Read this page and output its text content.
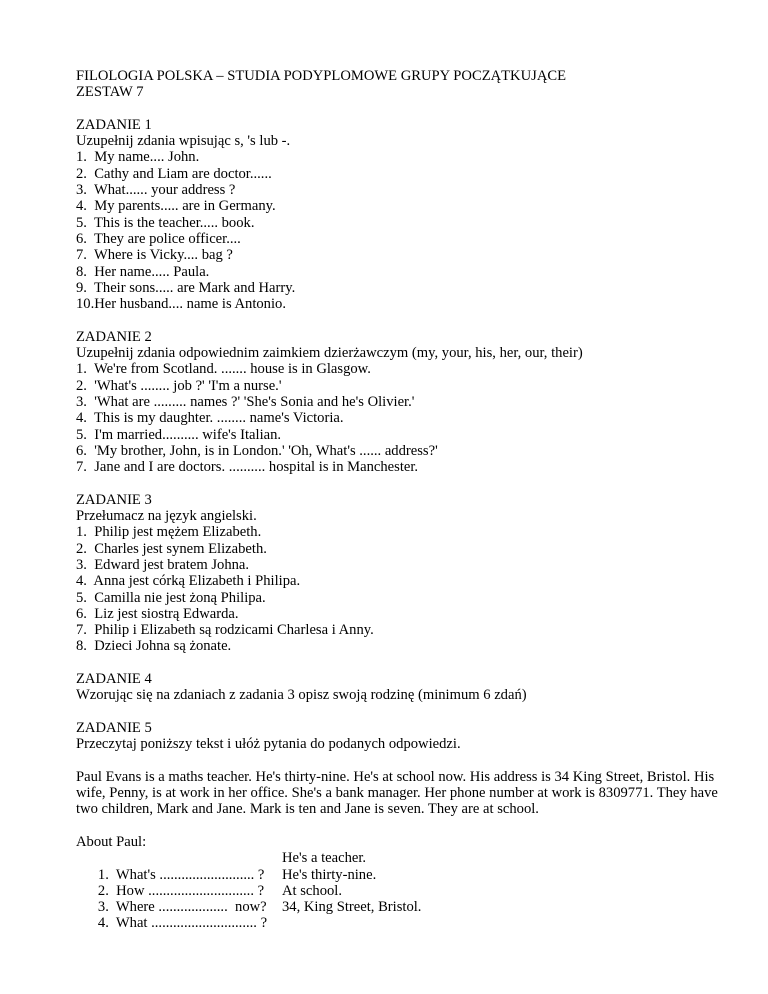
FILOLOGIA POLSKA – STUDIA PODYPLOMOWE GRUPY POCZĄTKUJĄCE
ZESTAW 7
ZADANIE 1
Uzupełnij zdania wpisując s, 's lub -.
1.  My name.... John.
2.  Cathy and Liam are doctor......
3.  What...... your address ?
4.  My parents..... are in Germany.
5.  This is the teacher..... book.
6.  They are police officer....
7.  Where is Vicky.... bag ?
8.  Her name..... Paula.
9.  Their sons..... are Mark and Harry.
10.Her husband.... name is Antonio.
ZADANIE 2
Uzupełnij zdania odpowiednim zaimkiem dzierżawczym (my, your, his, her, our, their)
1.  We're from Scotland. ....... house is in Glasgow.
2.  'What's ........ job ?' 'I'm a nurse.'
3.  'What are ......... names ?' 'She's Sonia and he's Olivier.'
4.  This is my daughter. ........ name's Victoria.
5.  I'm married.......... wife's Italian.
6.  'My brother, John, is in London.' 'Oh, What's ...... address?'
7.  Jane and I are doctors. .......... hospital is in Manchester.
ZADANIE 3
Przełumacz na język angielski.
1.  Philip jest mężem Elizabeth.
2.  Charles jest synem Elizabeth.
3.  Edward jest bratem Johna.
4.  Anna jest córką Elizabeth i Philipa.
5.  Camilla nie jest żoną Philipa.
6.  Liz jest siostrą Edwarda.
7.  Philip i Elizabeth są rodzicami Charlesa i Anny.
8.  Dzieci Johna są żonate.
ZADANIE 4
Wzorując się na zdaniach z zadania 3 opisz swoją rodzinę (minimum 6 zdań)
ZADANIE 5
Przeczytaj poniższy tekst i ułóż pytania do podanych odpowiedzi.
Paul Evans is a maths teacher. He's thirty-nine. He's at school now. His address is 34 King Street, Bristol. His wife, Penny, is at work in her office. She's a bank manager. Her phone number at work is 8309771. They have two children, Mark and Jane. Mark is ten and Jane is seven. They are at school.
About Paul:

1.  What's .......................... ?

He's a teacher.

2.  How ............................. ?

He's thirty-nine.

3.  Where ...................  now?

At school.

4.  What ............................. ?

34, King Street, Bristol.
